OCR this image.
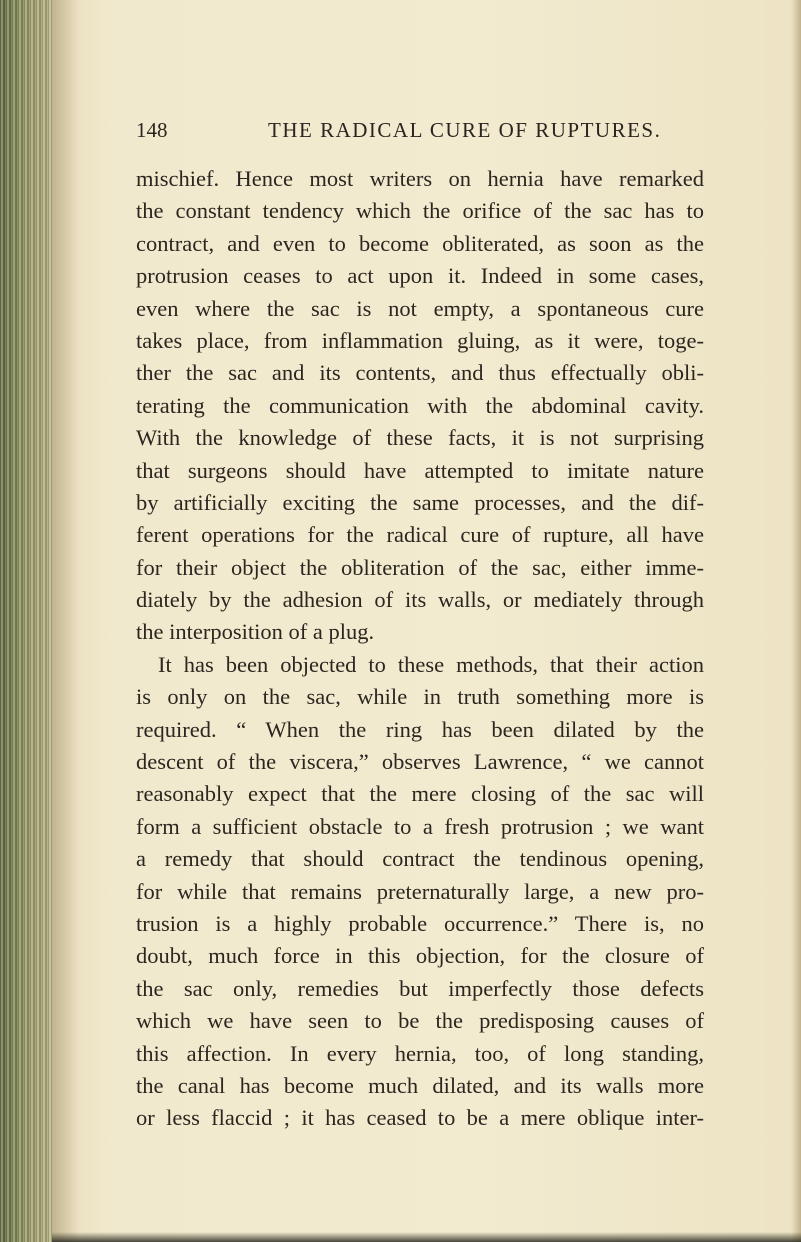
148	THE RADICAL CURE OF RUPTURES.
mischief. Hence most writers on hernia have remarked
the constant tendency which the orifice of the sac has to
contract, and even to become obliterated, as soon as the
protrusion ceases to act upon it. Indeed in some cases,
even where the sac is not empty, a spontaneous cure
takes place, from inflammation gluing, as it were, toge-
ther the sac and its contents, and thus effectually obli-
terating the communication with the abdominal cavity.
With the knowledge of these facts, it is not surprising
that surgeons should have attempted to imitate nature
by artificially exciting the same processes, and the dif-
ferent operations for the radical cure of rupture, all have
for their object the obliteration of the sac, either imme-
diately by the adhesion of its walls, or mediately through
the interposition of a plug.
It has been objected to these methods, that their action
is only on the sac, while in truth something more is
required. “ When the ring has been dilated by the
descent of the viscera,” observes Lawrence, “ we cannot
reasonably expect that the mere closing of the sac will
form a sufficient obstacle to a fresh protrusion ; we want
a remedy that should contract the tendinous opening,
for while that remains preternaturally large, a new pro-
trusion is a highly probable occurrence.” There is, no
doubt, much force in this objection, for the closure of
the sac only, remedies but imperfectly those defects
which we have seen to be the predisposing causes of
this affection. In every hernia, too, of long standing,
the canal has become much dilated, and its walls more
or less flaccid ; it has ceased to be a mere oblique inter-
